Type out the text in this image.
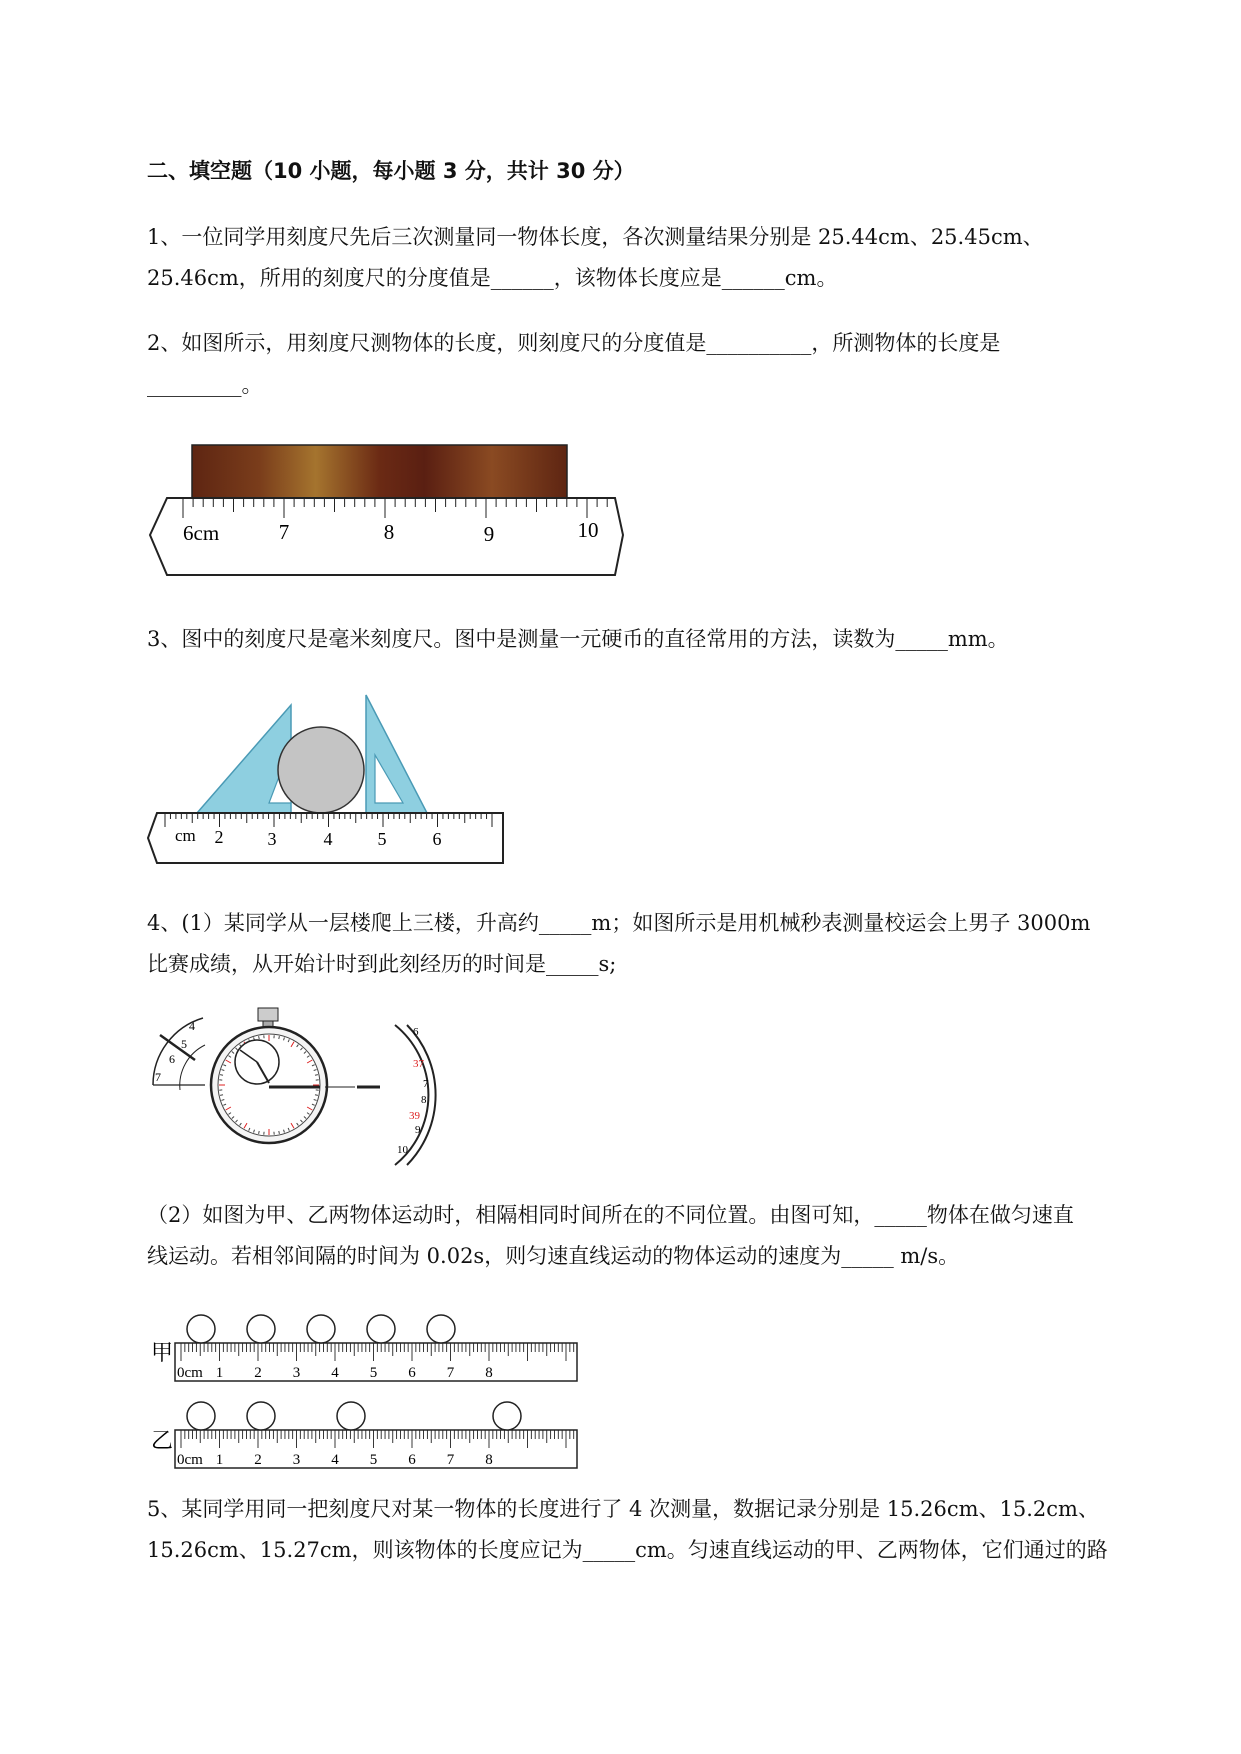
二、填空题（10 小题，每小题 3 分，共计 30 分）
1、一位同学用刻度尺先后三次测量同一物体长度，各次测量结果分别是 25.44cm、25.45cm、
25.46cm，所用的刻度尺的分度值是______，该物体长度应是______cm。
2、如图所示，用刻度尺测物体的长度，则刻度尺的分度值是__________，所测物体的长度是
_________。
6cm	7	8	9	10
3、图中的刻度尺是毫米刻度尺。图中是测量一元硬币的直径常用的方法，读数为_____mm。
cm 2 3	4	5	6
4、(1）某同学从一层楼爬上三楼，升高约_____m；如图所示是用机械秒表测量校运会上男子 3000m
比赛成绩，从开始计时到此刻经历的时间是_____s;
4
5
6
7
6
37
7
8
39
9
10
（2）如图为甲、乙两物体运动时，相隔相同时间所在的不同位置。由图可知，_____物体在做匀速直
线运动。若相邻间隔的时间为 0.02s，则匀速直线运动的物体运动的速度为_____ m/s。
甲
乙
0cm 1 2 3 4 5 6 7 8
0cm 1 2 3 4 5 6 7 8
5、某同学用同一把刻度尺对某一物体的长度进行了 4 次测量，数据记录分别是 15.26cm、15.2cm、
15.26cm、15.27cm，则该物体的长度应记为_____cm。匀速直线运动的甲、乙两物体，它们通过的路
